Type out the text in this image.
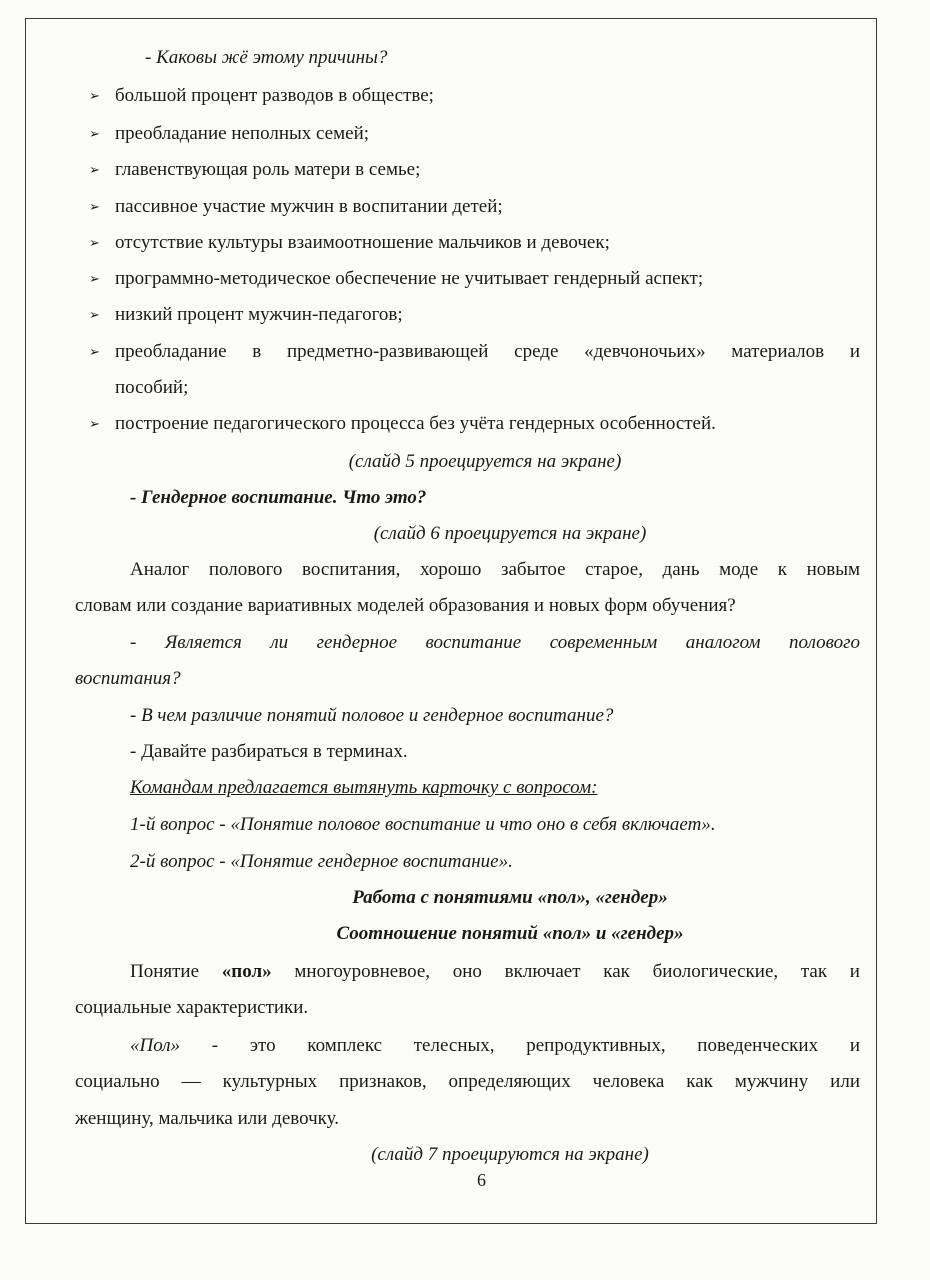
- Каковы жё этому причины?
➢ большой процент разводов в обществе;
➢ преобладание неполных семей;
➢ главенствующая роль матери в семье;
➢ пассивное участие мужчин в воспитании детей;
➢ отсутствие культуры взаимоотношение мальчиков и девочек;
➢ программно-методическое обеспечение не учитывает гендерный аспект;
➢ низкий процент мужчин-педагогов;
➢ преобладание в предметно-развивающей среде «девчоночьих» материалов и
пособий;
➢ построение педагогического процесса без учёта гендерных особенностей.
(слайд 5 проецируется на экране)
- Гендерное воспитание. Что это?
(слайд 6 проецируется на экране)
Аналог полового воспитания, хорошо забытое старое, дань моде к новым
словам или создание вариативных моделей образования и новых форм обучения?
- Является ли гендерное воспитание современным аналогом полового
воспитания?
- В чем различие понятий половое и гендерное воспитание?
- Давайте разбираться в терминах.
Командам предлагается вытянуть карточку с вопросом:
1-й вопрос - «Понятие половое воспитание и что оно в себя включает».
2-й вопрос - «Понятие гендерное воспитание».
Работа с понятиями «пол», «гендер»
Соотношение понятий «пол» и «гендер»
Понятие «пол» многоуровневое, оно включает как биологические, так и
социальные характеристики.
«Пол» - это комплекс телесных, репродуктивных, поведенческих и
социально — культурных признаков, определяющих человека как мужчину или
женщину, мальчика или девочку.
(слайд 7 проецируются на экране)
6
